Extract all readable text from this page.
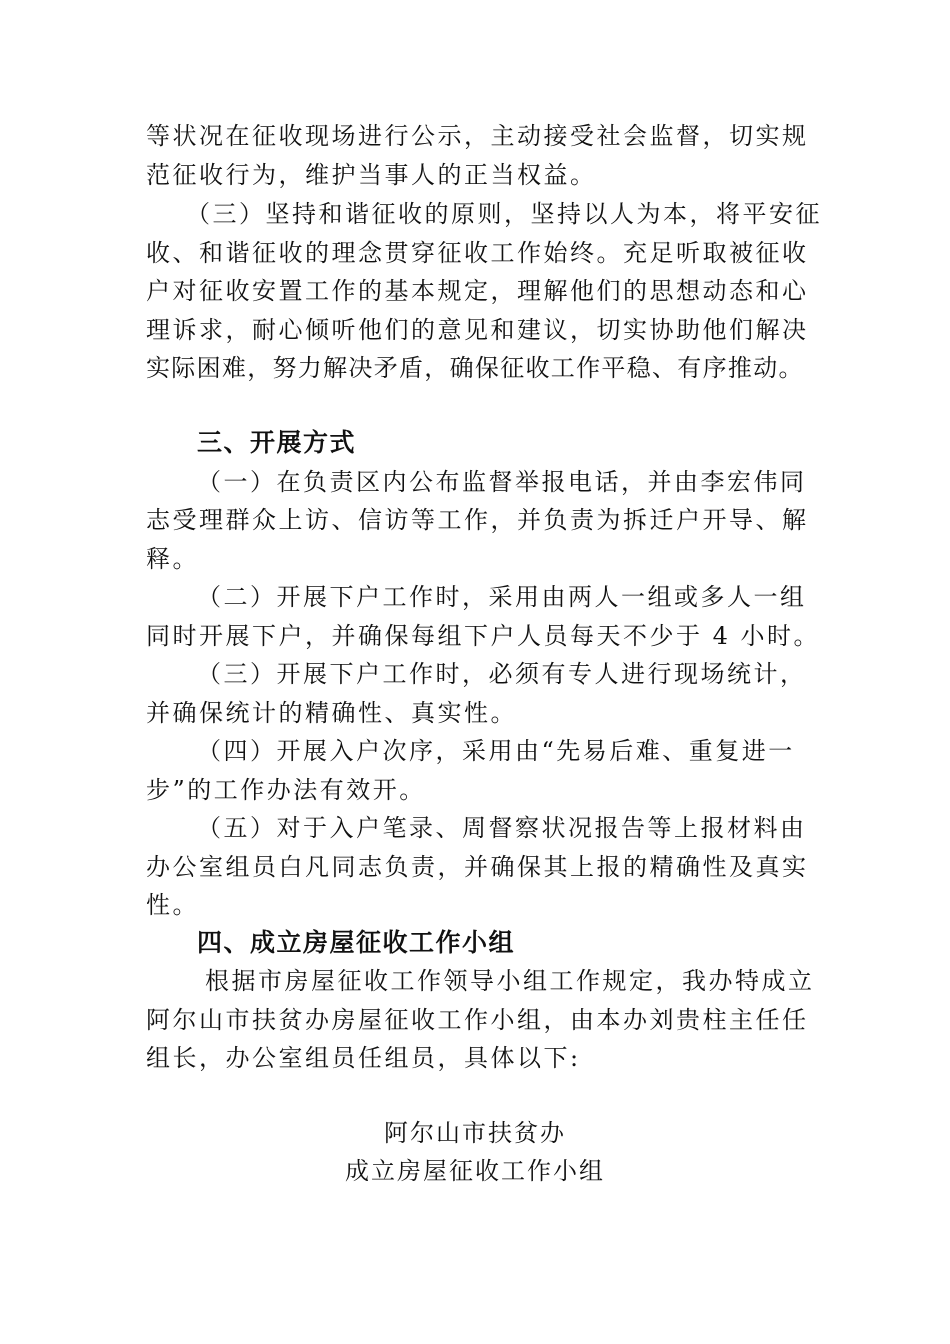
等状况在征收现场进行公示，主动接受社会监督，切实规
范征收行为，维护当事人的正当权益。
（三）坚持和谐征收的原则，坚持以人为本，将平安征
收、和谐征收的理念贯穿征收工作始终。充足听取被征收
户对征收安置工作的基本规定，理解他们的思想动态和心
理诉求，耐心倾听他们的意见和建议，切实协助他们解决
实际困难，努力解决矛盾，确保征收工作平稳、有序推动。
三、开展方式
（一）在负责区内公布监督举报电话，并由李宏伟同
志受理群众上访、信访等工作，并负责为拆迁户开导、解
释。
（二）开展下户工作时，采用由两人一组或多人一组
同时开展下户，并确保每组下户人员每天不少于 4 小时。
（三）开展下户工作时，必须有专人进行现场统计，
并确保统计的精确性、真实性。
（四）开展入户次序，采用由“先易后难、重复进一
步”的工作办法有效开。
（五）对于入户笔录、周督察状况报告等上报材料由
办公室组员白凡同志负责，并确保其上报的精确性及真实
性。
四、成立房屋征收工作小组
根据市房屋征收工作领导小组工作规定，我办特成立
阿尔山市扶贫办房屋征收工作小组，由本办刘贵柱主任任
组长，办公室组员任组员，具体以下:
阿尔山市扶贫办
成立房屋征收工作小组
